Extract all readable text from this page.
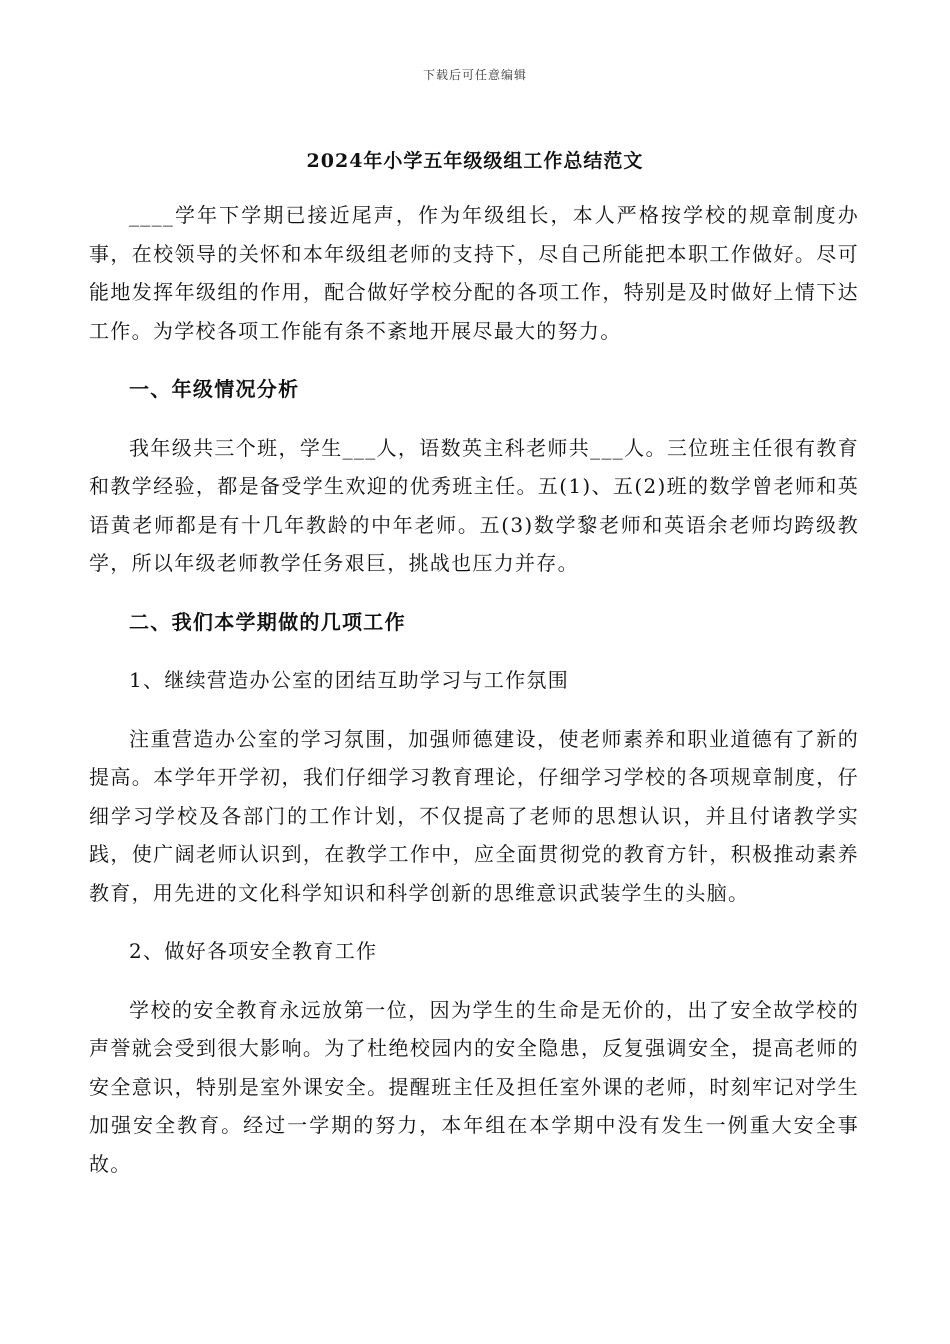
下载后可任意编辑
2024年小学五年级级组工作总结范文

____学年下学期已接近尾声，作为年级组长，本人严格按学校的规章制度办事，在校领导的关怀和本年级组老师的支持下，尽自己所能把本职工作做好。尽可能地发挥年级组的作用，配合做好学校分配的各项工作，特别是及时做好上情下达工作。为学校各项工作能有条不紊地开展尽最大的努力。

一、年级情况分析

我年级共三个班，学生___人，语数英主科老师共___人。三位班主任很有教育和教学经验，都是备受学生欢迎的优秀班主任。五(1)、五(2)班的数学曾老师和英语黄老师都是有十几年教龄的中年老师。五(3)数学黎老师和英语余老师均跨级教学，所以年级老师教学任务艰巨，挑战也压力并存。

二、我们本学期做的几项工作

1、继续营造办公室的团结互助学习与工作氛围

注重营造办公室的学习氛围，加强师德建设，使老师素养和职业道德有了新的提高。本学年开学初，我们仔细学习教育理论，仔细学习学校的各项规章制度，仔细学习学校及各部门的工作计划，不仅提高了老师的思想认识，并且付诸教学实践，使广阔老师认识到，在教学工作中，应全面贯彻党的教育方针，积极推动素养教育，用先进的文化科学知识和科学创新的思维意识武装学生的头脑。

2、做好各项安全教育工作

学校的安全教育永远放第一位，因为学生的生命是无价的，出了安全故学校的声誉就会受到很大影响。为了杜绝校园内的安全隐患，反复强调安全，提高老师的安全意识，特别是室外课安全。提醒班主任及担任室外课的老师，时刻牢记对学生加强安全教育。经过一学期的努力，本年组在本学期中没有发生一例重大安全事故。
